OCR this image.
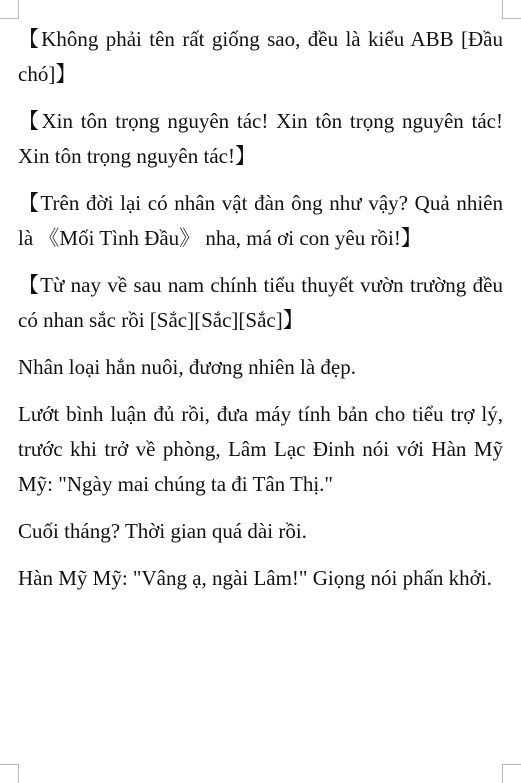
【Không phải tên rất giống sao, đều là kiểu ABB [Đầu chó]】

【Xin tôn trọng nguyên tác! Xin tôn trọng nguyên tác! Xin tôn trọng nguyên tác!】

【Trên đời lại có nhân vật đàn ông như vậy? Quả nhiên là 《Mối Tình Đầu》 nha, má ơi con yêu rồi!】

【Từ nay về sau nam chính tiểu thuyết vườn trường đều có nhan sắc rồi [Sắc][Sắc][Sắc]】

Nhân loại hắn nuôi, đương nhiên là đẹp.

Lướt bình luận đủ rồi, đưa máy tính bản cho tiểu trợ lý, trước khi trở về phòng, Lâm Lạc Đinh nói với Hàn Mỹ Mỹ: "Ngày mai chúng ta đi Tân Thị."

Cuối tháng? Thời gian quá dài rồi.

Hàn Mỹ Mỹ: "Vâng ạ, ngài Lâm!" Giọng nói phấn khởi.
